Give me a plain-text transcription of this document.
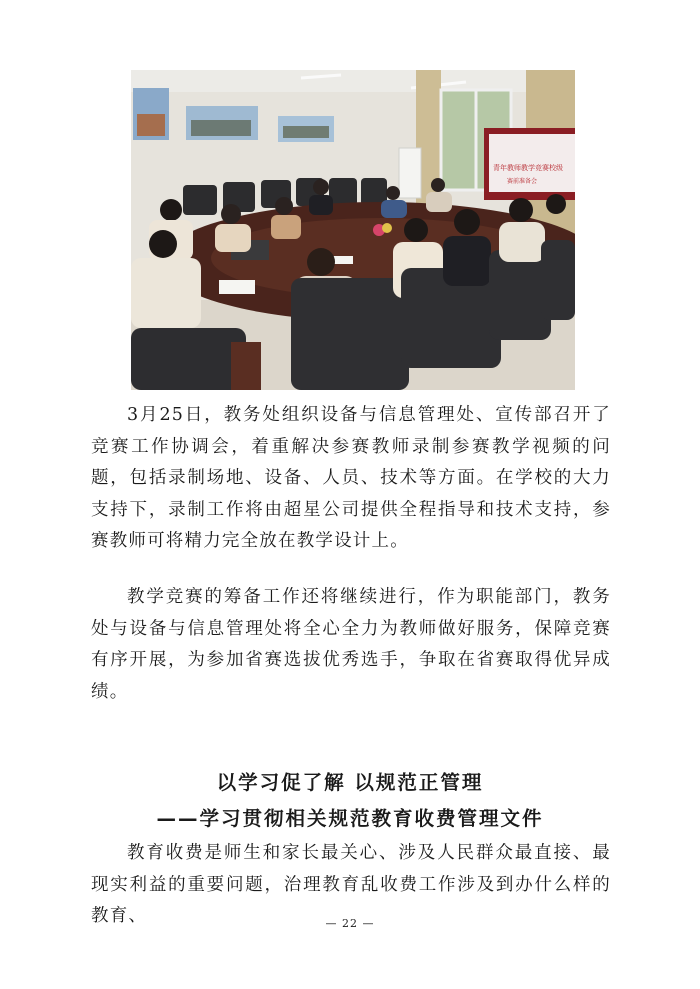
青年教师教学竞赛校级
赛前准备会

3月25日，教务处组织设备与信息管理处、宣传部召开了竞赛工作协调会，着重解决参赛教师录制参赛教学视频的问题，包括录制场地、设备、人员、技术等方面。在学校的大力支持下，录制工作将由超星公司提供全程指导和技术支持，参赛教师可将精力完全放在教学设计上。

教学竞赛的筹备工作还将继续进行，作为职能部门，教务处与设备与信息管理处将全心全力为教师做好服务，保障竞赛有序开展，为参加省赛选拔优秀选手，争取在省赛取得优异成绩。

以学习促了解 以规范正管理

——学习贯彻相关规范教育收费管理文件

教育收费是师生和家长最关心、涉及人民群众最直接、最现实利益的重要问题，治理教育乱收费工作涉及到办什么样的教育、	— 22 —
